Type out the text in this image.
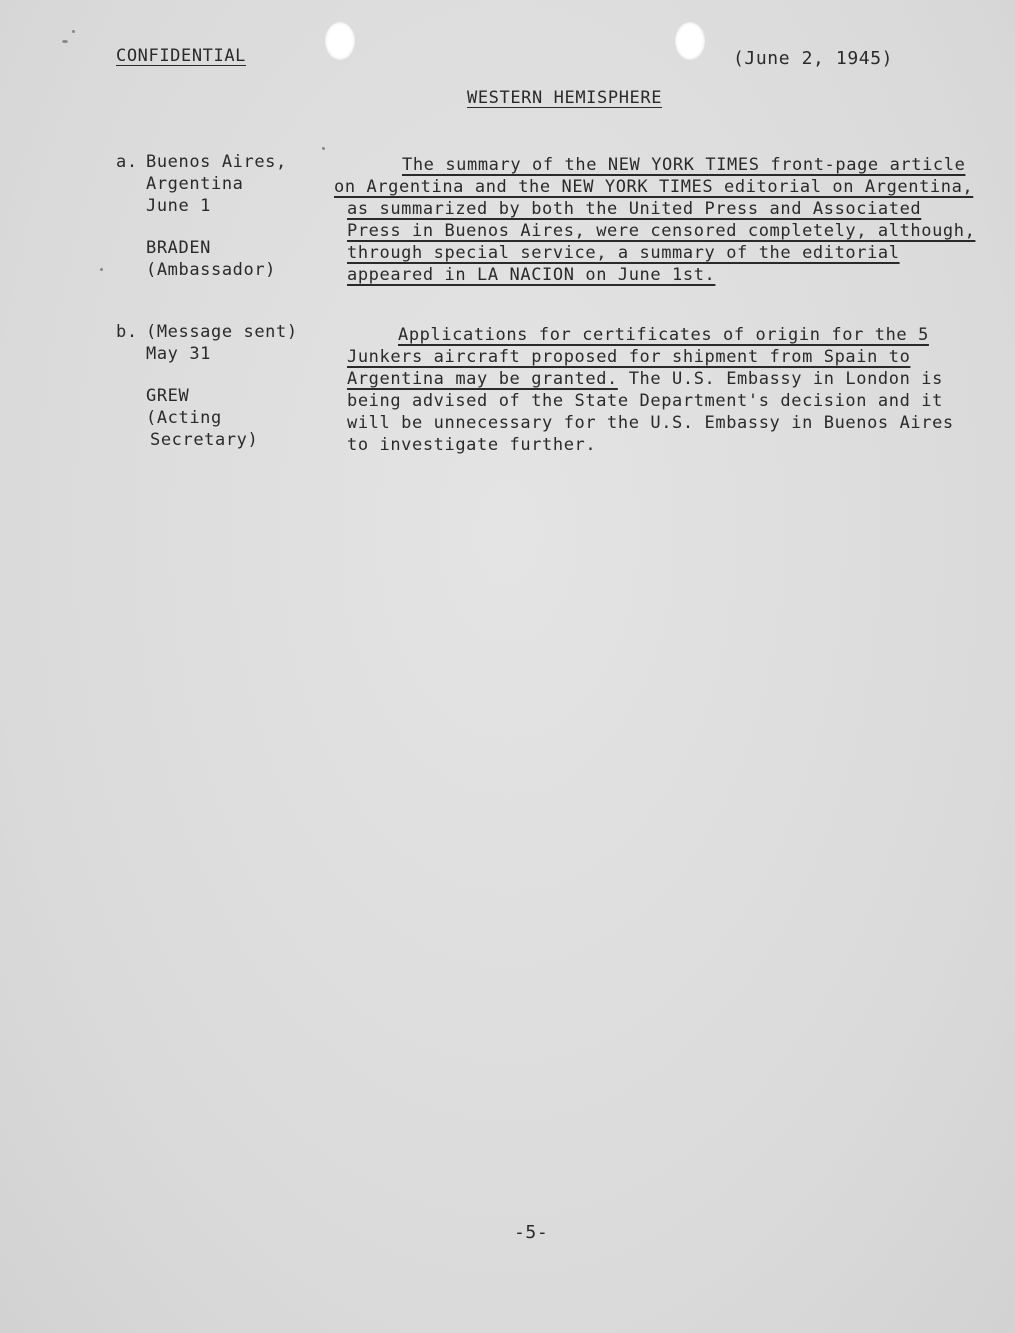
CONFIDENTIAL	(June 2, 1945)
WESTERN HEMISPHERE
a. Buenos Aires,
Argentina
June 1
BRADEN
(Ambassador)
The summary of the NEW YORK TIMES front-page article
on Argentina and the NEW YORK TIMES editorial on Argentina,
as summarized by both the United Press and Associated
Press in Buenos Aires, were censored completely, although,
through special service, a summary of the editorial
appeared in LA NACION on June 1st.
b. (Message sent)
May 31
GREW
(Acting
Secretary)
Applications for certificates of origin for the 5
Junkers aircraft proposed for shipment from Spain to
Argentina may be granted. The U.S. Embassy in London is
being advised of the State Department's decision and it
will be unnecessary for the U.S. Embassy in Buenos Aires
to investigate further.
-5-
